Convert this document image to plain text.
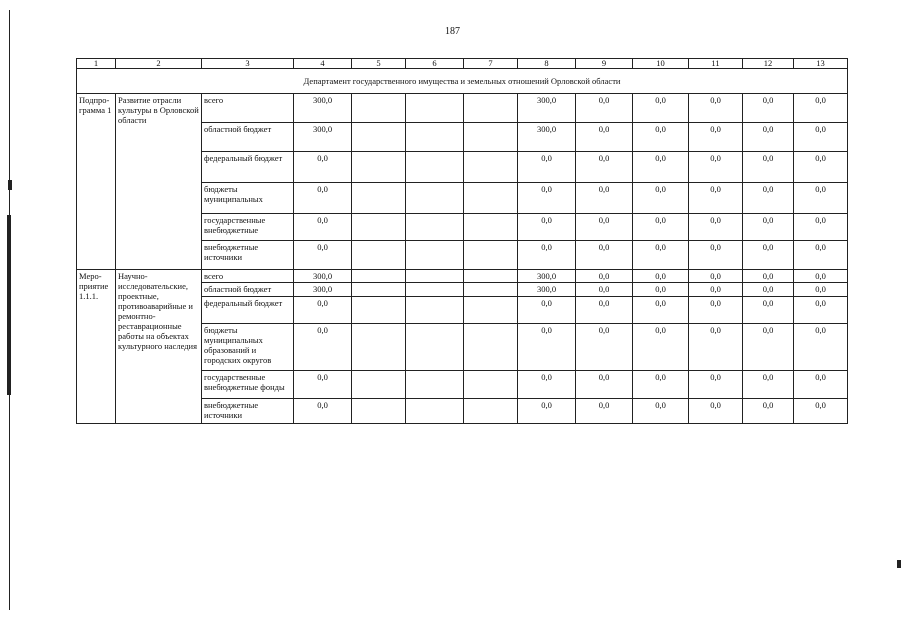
187
1	2	3	4	5	6	7	8	9	10	11	12	13
Департамент государственного имущества и земельных отношений Орловской области												
Подпро-грамма 1	Развитие отрасли культуры в Орловской области	всего	300,0				300,0	0,0	0,0	0,0	0,0	0,0
		областной бюджет	300,0				300,0	0,0	0,0	0,0	0,0	0,0
		федеральный бюджет	0,0				0,0	0,0	0,0	0,0	0,0	0,0
		бюджеты муниципальных	0,0				0,0	0,0	0,0	0,0	0,0	0,0
		государственные внебюджетные	0,0				0,0	0,0	0,0	0,0	0,0	0,0
		внебюджетные источники	0,0				0,0	0,0	0,0	0,0	0,0	0,0
Меро-приятие 1.1.1.	Научно-исследовательские, проектные, противоаварийные и ремонтно-реставрационные работы на объектах культурного наследия	всего	300,0				300,0	0,0	0,0	0,0	0,0	0,0
		областной бюджет	300,0				300,0	0,0	0,0	0,0	0,0	0,0
		федеральный бюджет	0,0				0,0	0,0	0,0	0,0	0,0	0,0
		бюджеты муниципальных образований и городских округов	0,0				0,0	0,0	0,0	0,0	0,0	0,0
		государственные внебюджетные фонды	0,0				0,0	0,0	0,0	0,0	0,0	0,0
		внебюджетные источники	0,0				0,0	0,0	0,0	0,0	0,0	0,0
